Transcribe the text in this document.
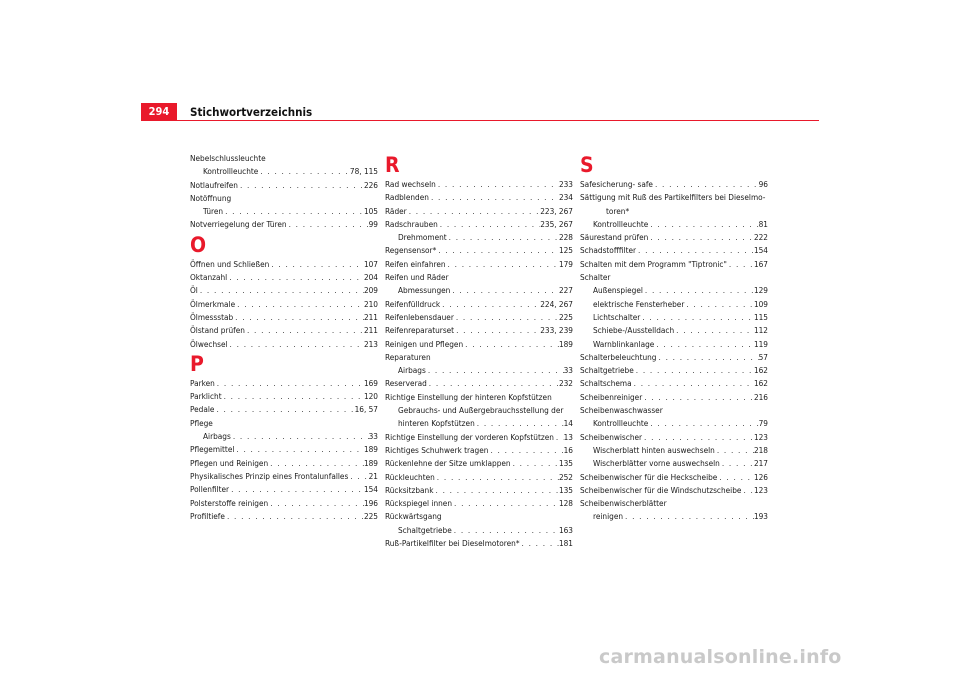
294	Stichwortverzeichnis
Nebelschlussleuchte
Kontrollleuchte . . .	78, 115
Notlaufreifen . . .	226
Notöffnung
Türen . . .	105
Notverriegelung der Türen . . .	99
O
Öffnen und Schließen . . .	107
Oktanzahl . . .	204
Öl . . .	209
Ölmerkmale . . .	210
Ölmessstab . . .	211
Ölstand prüfen . . .	211
Ölwechsel . . .	213
P
Parken . . .	169
Parklicht . . .	120
Pedale . . .	16, 57
Pflege
Airbags . . .	33
Pflegemittel . . .	189
Pflegen und Reinigen . . .	189
Physikalisches Prinzip eines Frontalunfalles . . . 21
Pollenfilter . . .	154
Polsterstoffe reinigen . . .	196
Profiltiefe . . .	225
R
Rad wechseln . . .	233
Radblenden . . .	234
Räder . . .	223, 267
Radschrauben . . .	235, 267
Drehmoment . . .	228
Regensensor* . . .	125
Reifen einfahren . . .	179
Reifen und Räder
Abmessungen . . .	227
Reifenfülldruck . . .	224, 267
Reifenlebensdauer . . .	225
Reifenreparaturset . . .	233, 239
Reinigen und Pflegen . . .	189
Reparaturen
Airbags . . .	33
Reserverad . . .	232
Richtige Einstellung der hinteren Kopfstützen
Gebrauchs- und Außergebrauchsstellung der
hinteren Kopfstützen . . .	14
Richtige Einstellung der vorderen Kopfstützen . . . 13
Richtiges Schuhwerk tragen . . .	16
Rückenlehne der Sitze umklappen . . .	135
Rückleuchten . . .	252
Rücksitzbank . . .	135
Rückspiegel innen . . .	128
Rückwärtsgang
Schaltgetriebe . . .	163
Ruß-Partikelfilter bei Dieselmotoren* . . .	181
S
Safesicherung- safe . . .	96
Sättigung mit Ruß des Partikelfilters bei Dieselmo-
toren*
Kontrollleuchte . . .	81
Säurestand prüfen . . .	222
Schadstofffilter . . .	154
Schalten mit dem Programm "Tiptronic" . . .	167
Schalter
Außenspiegel . . .	129
elektrische Fensterheber . . .	109
Lichtschalter . . .	115
Schiebe-/Ausstelldach . . .	112
Warnblinkanlage . . .	119
Schalterbeleuchtung . . .	57
Schaltgetriebe . . .	162
Schaltschema . . .	162
Scheibenreiniger . . .	216
Scheibenwaschwasser
Kontrollleuchte . . .	79
Scheibenwischer . . .	123
Wischerblatt hinten auswechseln . . .	218
Wischerblätter vorne auswechseln . . .	217
Scheibenwischer für die Heckscheibe . . .	126
Scheibenwischer für die Windschutzscheibe . . . 123
Scheibenwischerblätter
reinigen . . .	193
carmanualsonline.info
